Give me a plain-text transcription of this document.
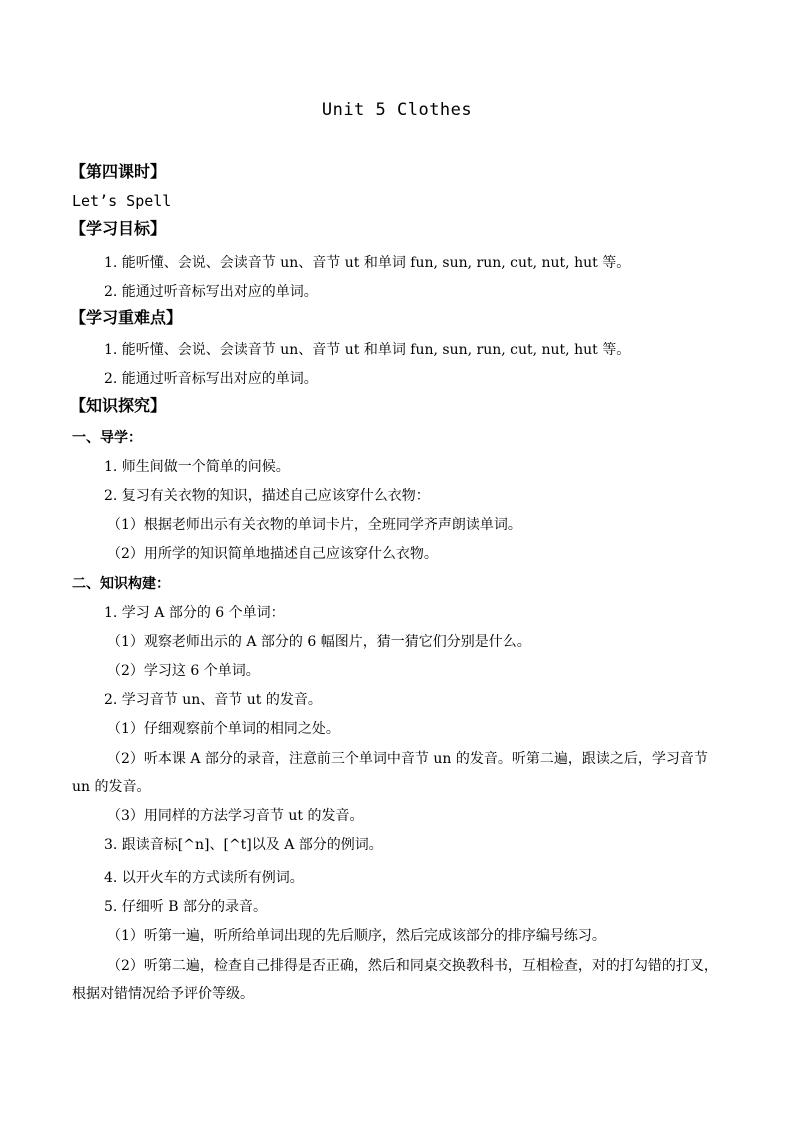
Unit 5 Clothes
【第四课时】
Let’s Spell
【学习目标】
1. 能听懂、会说、会读音节 un、音节 ut 和单词 fun, sun, run, cut, nut, hut 等。
2. 能通过听音标写出对应的单词。
【学习重难点】
1. 能听懂、会说、会读音节 un、音节 ut 和单词 fun, sun, run, cut, nut, hut 等。
2. 能通过听音标写出对应的单词。
【知识探究】
一、导学：
1. 师生间做一个简单的问候。
2. 复习有关衣物的知识，描述自己应该穿什么衣物：
（1）根据老师出示有关衣物的单词卡片，全班同学齐声朗读单词。
（2）用所学的知识简单地描述自己应该穿什么衣物。
二、知识构建：
1. 学习 A 部分的 6 个单词：
（1）观察老师出示的 A 部分的 6 幅图片，猜一猜它们分别是什么。
（2）学习这 6 个单词。
2. 学习音节 un、音节 ut 的发音。
（1）仔细观察前个单词的相同之处。
（2）听本课 A 部分的录音，注意前三个单词中音节 un 的发音。听第二遍，跟读之后，学习音节 un 的发音。
（3）用同样的方法学习音节 ut 的发音。
3. 跟读音标[^n]、[^t]以及 A 部分的例词。
4. 以开火车的方式读所有例词。
5. 仔细听 B 部分的录音。
（1）听第一遍，听所给单词出现的先后顺序，然后完成该部分的排序编号练习。
（2）听第二遍，检查自己排得是否正确，然后和同桌交换教科书，互相检查，对的打勾错的打叉，根据对错情况给予评价等级。
